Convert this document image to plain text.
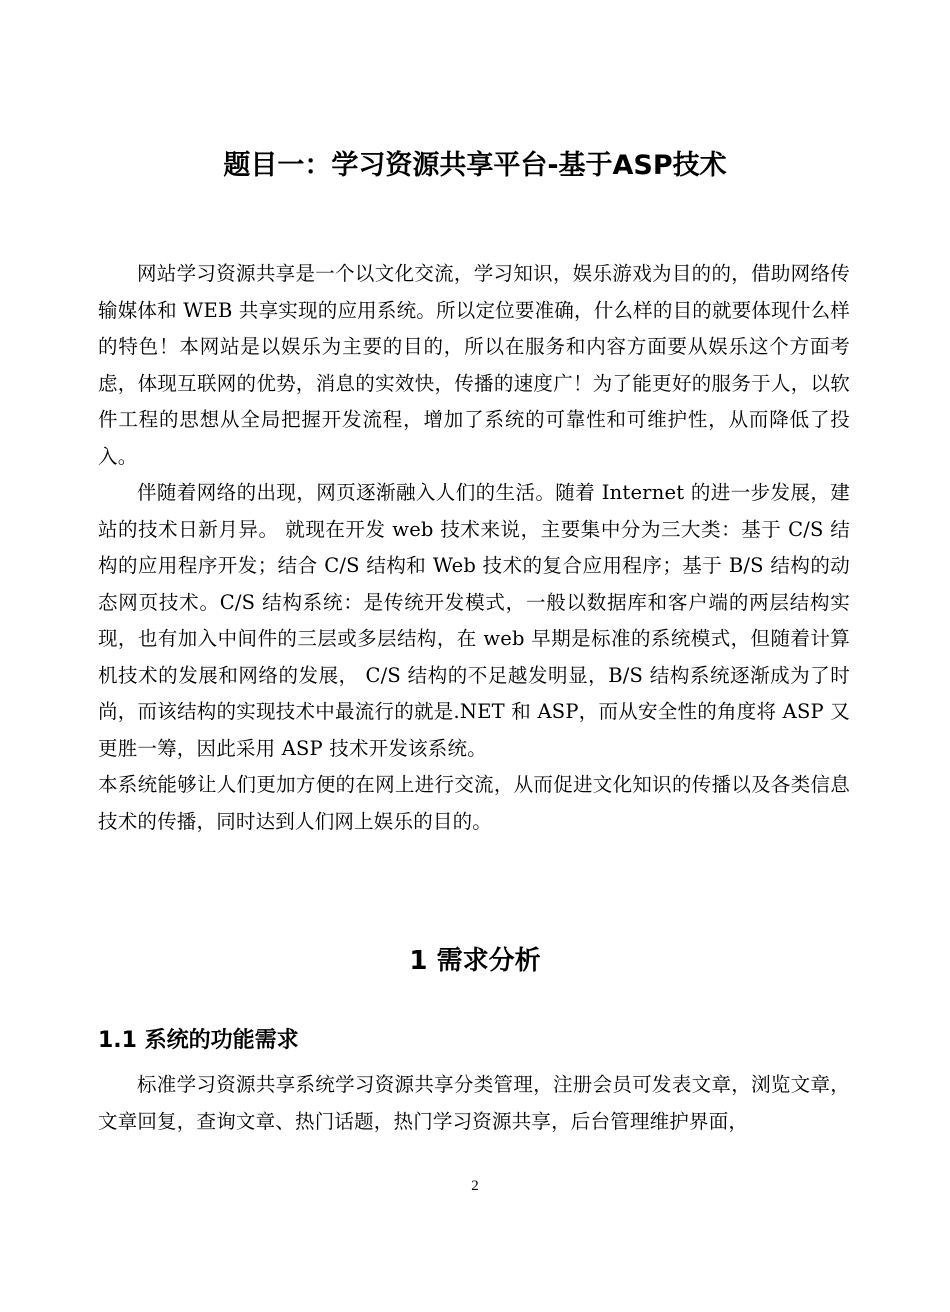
题目一：学习资源共享平台-基于ASP技术

网站学习资源共享是一个以文化交流，学习知识，娱乐游戏为目的的，借助网络传输媒体和 WEB 共享实现的应用系统。所以定位要准确，什么样的目的就要体现什么样的特色！本网站是以娱乐为主要的目的，所以在服务和内容方面要从娱乐这个方面考虑，体现互联网的优势，消息的实效快，传播的速度广！为了能更好的服务于人，以软件工程的思想从全局把握开发流程，增加了系统的可靠性和可维护性，从而降低了投入。

伴随着网络的出现，网页逐渐融入人们的生活。随着 Internet 的进一步发展，建站的技术日新月异。 就现在开发 web 技术来说，主要集中分为三大类：基于 C/S 结构的应用程序开发；结合 C/S 结构和 Web 技术的复合应用程序；基于 B/S 结构的动态网页技术。C/S 结构系统：是传统开发模式，一般以数据库和客户端的两层结构实现，也有加入中间件的三层或多层结构，在 web 早期是标准的系统模式，但随着计算机技术的发展和网络的发展， C/S 结构的不足越发明显，B/S 结构系统逐渐成为了时尚，而该结构的实现技术中最流行的就是.NET 和 ASP，而从安全性的角度将 ASP 又更胜一筹，因此采用 ASP 技术开发该系统。

本系统能够让人们更加方便的在网上进行交流，从而促进文化知识的传播以及各类信息技术的传播，同时达到人们网上娱乐的目的。

1 需求分析
1.1 系统的功能需求

标准学习资源共享系统学习资源共享分类管理，注册会员可发表文章，浏览文章，文章回复，查询文章、热门话题，热门学习资源共享，后台管理维护界面，

2
